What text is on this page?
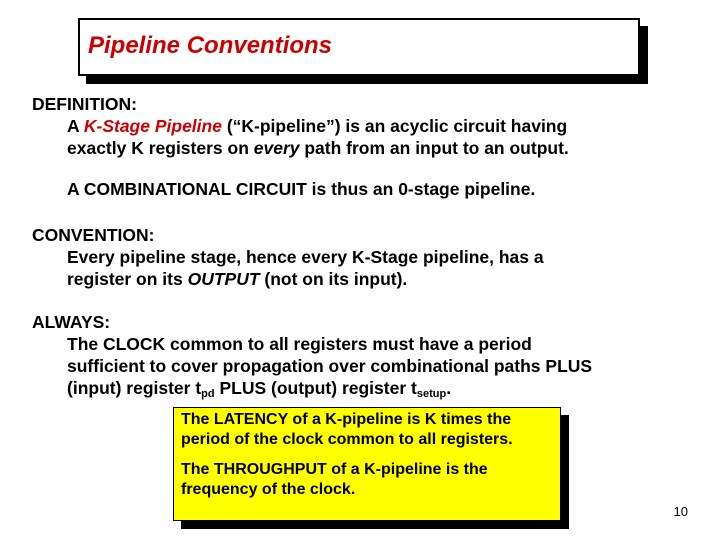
Pipeline Conventions
DEFINITION:
A K-Stage Pipeline (“K-pipeline”) is an acyclic circuit having
exactly K registers on every path from an input to an output.
A COMBINATIONAL CIRCUIT is thus an 0-stage pipeline.
CONVENTION:
Every pipeline stage, hence every K-Stage pipeline, has a
register on its OUTPUT (not on its input).
ALWAYS:
The CLOCK common to all registers must have a period
sufficient to cover propagation over combinational paths PLUS
(input) register $t_{pd}$ PLUS (output) register $t_{setup}$.
The LATENCY of a K-pipeline is K times the
period of the clock common to all registers.
The THROUGHPUT of a K-pipeline is the
frequency of the clock.
10
